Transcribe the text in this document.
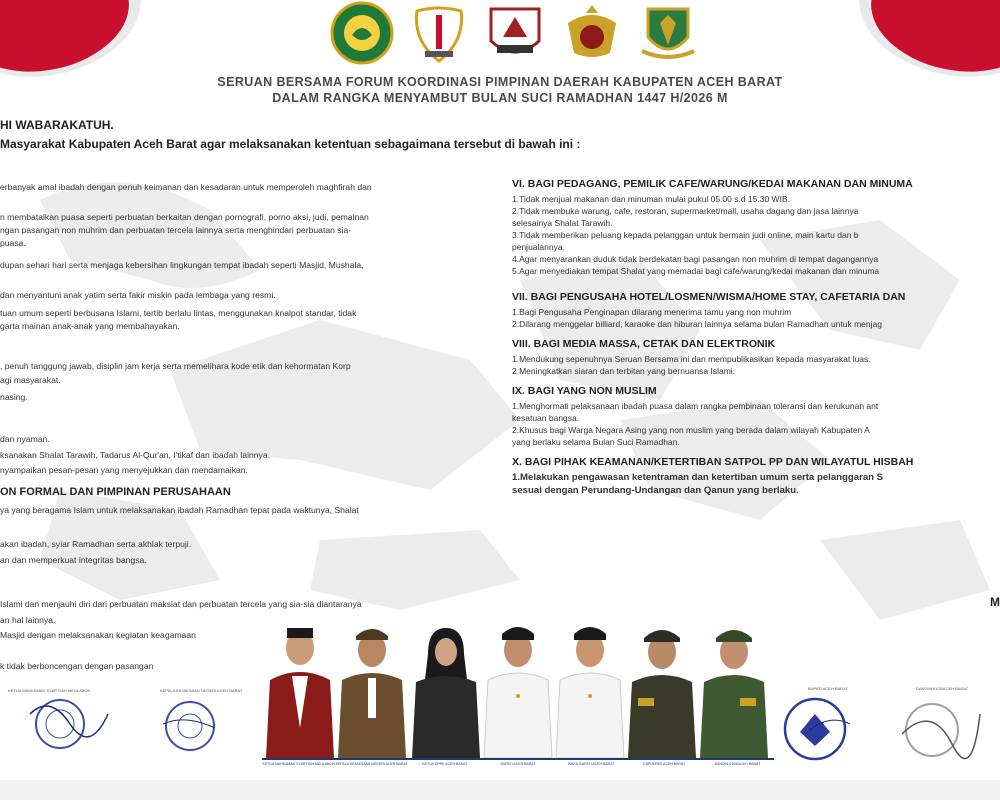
SERUAN BERSAMA FORUM KOORDINASI PIMPINAN DAERAH KABUPATEN ACEH BARAT
DALAM RANGKA MENYAMBUT BULAN SUCI RAMADHAN 1447 H/2026 M
HI WABARAKATUH.
Masyarakat Kabupaten Aceh Barat agar melaksanakan ketentuan sebagaimana tersebut di bawah ini :
erbanyak amal ibadah dengan penuh keimanan dan kesadaran untuk memperoleh maghfirah dan
n membatalkan puasa seperti perbuatan berkaitan dengan pornografi, porno aksi, judi, pemainan
ngan pasangan non muhrim dan perbuatan tercela lainnya serta menghindari perbuatan sia-
puasa.
dupan sehari hari serta menjaga kebersihan lingkungan tempat ibadah seperti Masjid, Mushala,
dan menyantuni anak yatim serta fakir miskin pada lembaga yang resmi.
tuan umum seperti berbusana Islami, tertib berlalu lintas, menggunakan knalpot standar, tidak
garta mainan anak-anak yang membahayakan.
, penuh tanggung jawab, disiplin jam kerja serta memelihara kode etik dan kehormatan Korp
agi masyarakat.
nasing.
dan nyaman.
ksanakan Shalat Tarawih, Tadarus Al-Qur'an, I'tikaf dan ibadah lainnya.
nyampaikan pesan-pesan yang menyejukkan dan mendamaikan.
ON FORMAL DAN PIMPINAN PERUSAHAAN
ya yang beragama Islam untuk melaksanakan ibadah Ramadhan tepat pada waktunya, Shalat
akan ibadah, syiar Ramadhan serta akhlak terpuji.
an dan memperkuat integritas bangsa.
Islami dan menjauhi diri dari perbuatan maksiat dan perbuatan tercela yang sia-sia diantaranya
an hal lainnya.
Masjid dengan melaksanakan kegiatan keagamaan
k tidak berboncengan dengan pasangan
VI. BAGI PEDAGANG, PEMILIK CAFE/WARUNG/KEDAI MAKANAN DAN MINUMA
1.Tidak menjual makanan dan minuman mulai pukul 05.00 s.d 15.30 WIB.
2.Tidak membuka warung, cafe, restoran, supermarket/mall, usaha dagang dan jasa lainnya
selesainya Shalat Tarawih.
3.Tidak memberikan peluang kepada pelanggan untuk bermain judi online, main kartu dan b
penjualannya.
4.Agar menyarankan duduk tidak berdekatan bagi pasangan non muhrim di tempat dagangannya
5.Agar menyediakan tempat Shalat yang memadai bagi cafe/warung/kedai makanan dan minuma
VII. BAGI PENGUSAHA HOTEL/LOSMEN/WISMA/HOME STAY, CAFETARIA DAN
1.Bagi Pengusaha Penginapan dilarang menerima tamu yang non muhrim
2.Dilarang menggelar billiard, karaoke dan hiburan lainnya selama bulan Ramadhan untuk menjag
VIII. BAGI MEDIA MASSA, CETAK DAN ELEKTRONIK
1.Mendukung sepenuhnya Seruan Bersama ini dan mempublikasikan kepada masyarakat luas.
2.Meningkatkan siaran dan terbitan yang bernuansa Islami.
IX. BAGI YANG NON MUSLIM
1.Menghormati pelaksanaan ibadah puasa dalam rangka pembinaan toleransi dan kerukunan ant
kesatuan bangsa.
2.Khusus bagi Warga Negara Asing yang non muslim yang berada dalam wilayah Kabupaten A
yang berlaku selama Bulan Suci Ramadhan.
X. BAGI PIHAK KEAMANAN/KETERTIBAN SATPOL PP DAN WILAYATUL HISBAH
1.Melakukan pengawasan ketentraman dan ketertiban umum serta pelanggaran S
sesuai dengan Perundang-Undangan dan Qanun yang berlaku.
M
KETUA MAHKAMAH SYAR'IYAH MEULABOH KEPALA KEJAKSAAN NEGERI ACEH BARAT	KETUA DPRK ACEH BARAT	BUPATI ACEH BARAT	WAKIL BUPATI ACEH BARAT	KAPOLRES ACEH BARAT	DANDIM 0105/ACEH BARAT
KETUA MAHKAMAH SYAR'IYAH MEULABOH	KEPALA KEJAKSAAN NEGERI ACEH BARAT	BUPATI ACEH BARAT	DANDIM 0105/ACEH BARAT
